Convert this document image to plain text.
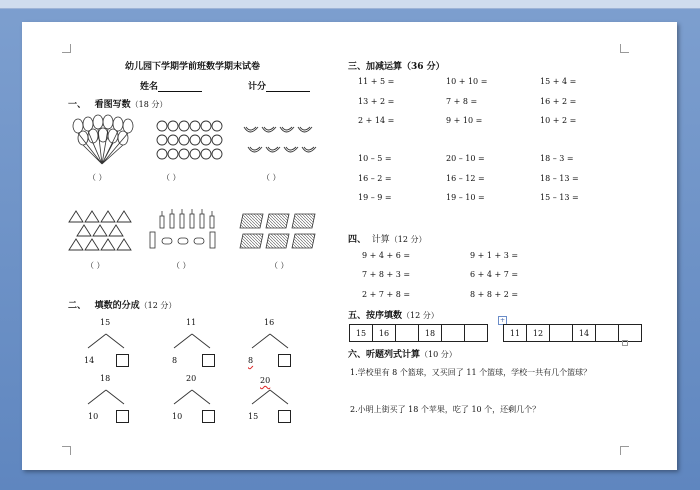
幼儿园下学期学前班数学期末试卷
姓名	计分
一、 看图写数（18 分）
（ ）	（ ）	（ ）
（ ）	（ ）	（ ）
二、 填数的分成（12 分）
15
14
11
8
16
8
18
10
20
10
20
15
三、加减运算（36 分）
11 + 5 =	10 + 10 =	15 + 4 =
13 + 2 =	7 + 8 =	16 + 2 =
2 + 14 =	9 + 10 =	10 + 2 =
10 – 5 =	20 – 10 =	18 – 3 =
16 – 2 =	16 – 12 =	18 – 13 =
19 – 9 =	19 – 10 =	15 – 13 =
四、 计算（12 分）
9 + 4 + 6 =	9 + 1 + 3 =
7 + 8 + 3 =	6 + 4 + 7 =
2 + 7 + 8 =	8 + 8 + 2 =
五、按序填数（12 分）
15	16	18
+
11	12	14
六、听题列式计算（10 分）
1.学校里有 8 个篮球，又买回了 11 个篮球，学校一共有几个篮球？
2.小明上街买了 18 个苹果，吃了 10 个，还剩几个？
